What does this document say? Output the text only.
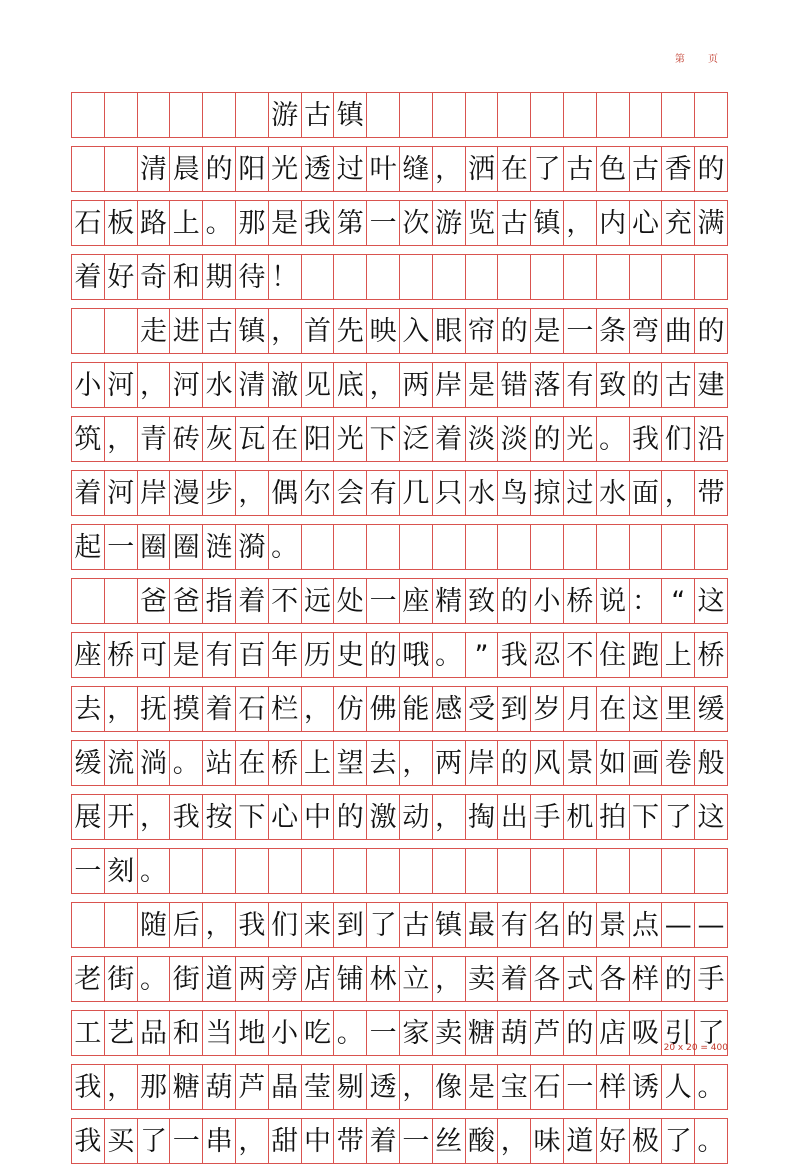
第 页
游 古 镇
清 晨 的 阳 光 透 过 叶 缝 ， 洒 在 了 古 色 古 香 的
石 板 路 上 。 那 是 我 第 一 次 游 览 古 镇 ， 内 心 充 满
着 好 奇 和 期 待 ！
走 进 古 镇 ， 首 先 映 入 眼 帘 的 是 一 条 弯 曲 的
小 河 ， 河 水 清 澈 见 底 ， 两 岸 是 错 落 有 致 的 古 建
筑 ， 青 砖 灰 瓦 在 阳 光 下 泛 着 淡 淡 的 光 。 我 们 沿
着 河 岸 漫 步 ， 偶 尔 会 有 几 只 水 鸟 掠 过 水 面 ， 带
起 一 圈 圈 涟 漪 。
爸 爸 指 着 不 远 处 一 座 精 致 的 小 桥 说 ： “ 这
座 桥 可 是 有 百 年 历 史 的 哦 。 ” 我 忍 不 住 跑 上 桥
去 ， 抚 摸 着 石 栏 ， 仿 佛 能 感 受 到 岁 月 在 这 里 缓
缓 流 淌 。 站 在 桥 上 望 去 ， 两 岸 的 风 景 如 画 卷 般
展 开 ， 我 按 下 心 中 的 激 动 ， 掏 出 手 机 拍 下 了 这
一 刻 。
随 后 ， 我 们 来 到 了 古 镇 最 有 名 的 景 点 — —
老 街 。 街 道 两 旁 店 铺 林 立 ， 卖 着 各 式 各 样 的 手
工 艺 品 和 当 地 小 吃 。 一 家 卖 糖 葫 芦 的 店 吸 引 了
我 ， 那 糖 葫 芦 晶 莹 剔 透 ， 像 是 宝 石 一 样 诱 人 。
我 买 了 一 串 ， 甜 中 带 着 一 丝 酸 ， 味 道 好 极 了 。
20 x 20 = 400
